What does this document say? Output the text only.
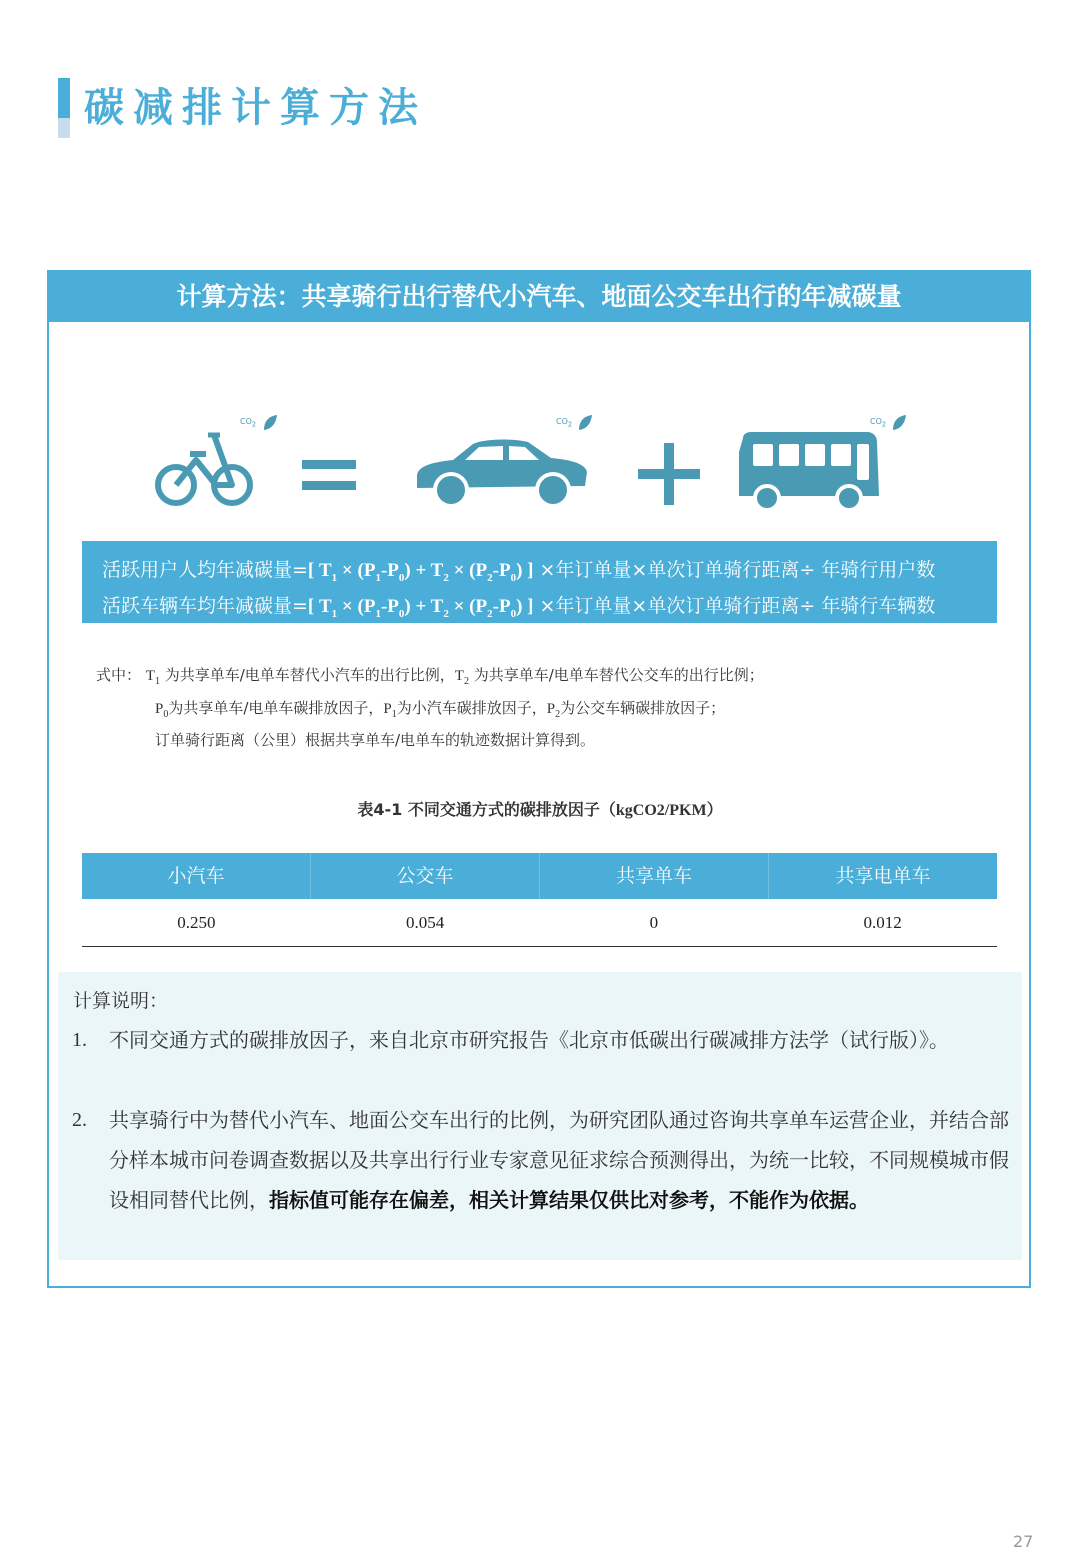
碳减排计算方法
计算方法：共享骑行出行替代小汽车、地面公交车出行的年减碳量
$CO_2$	$CO_2$	$CO_2$
活跃用户人均年减碳量=[ $T_1 \times (P_1-P_0) + T_2 \times (P_2-P_0)$ ] ×年订单量×单次订单骑行距离÷ 年骑行用户数
活跃车辆车均年减碳量=[ $T_1 \times (P_1-P_0) + T_2 \times (P_2-P_0)$ ] ×年订单量×单次订单骑行距离÷ 年骑行车辆数
式中： $T_1$ 为共享单车/电单车替代小汽车的出行比例，$T_2$ 为共享单车/电单车替代公交车的出行比例；
$P_0$为共享单车/电单车碳排放因子，$P_1$为小汽车碳排放因子，$P_2$为公交车辆碳排放因子；
订单骑行距离（公里）根据共享单车/电单车的轨迹数据计算得到。
表4-1 不同交通方式的碳排放因子（kgCO2/PKM）
小汽车	公交车	共享单车	共享电单车
0.250	0.054	0	0.012
计算说明：
1. 不同交通方式的碳排放因子，来自北京市研究报告《北京市低碳出行碳减排方法学（试行版）》。
2. 共享骑行中为替代小汽车、地面公交车出行的比例，为研究团队通过咨询共享单车运营企业，并结合部分样本城市问卷调查数据以及共享出行行业专家意见征求综合预测得出，为统一比较，不同规模城市假设相同替代比例，指标值可能存在偏差，相关计算结果仅供比对参考，不能作为依据。
27
